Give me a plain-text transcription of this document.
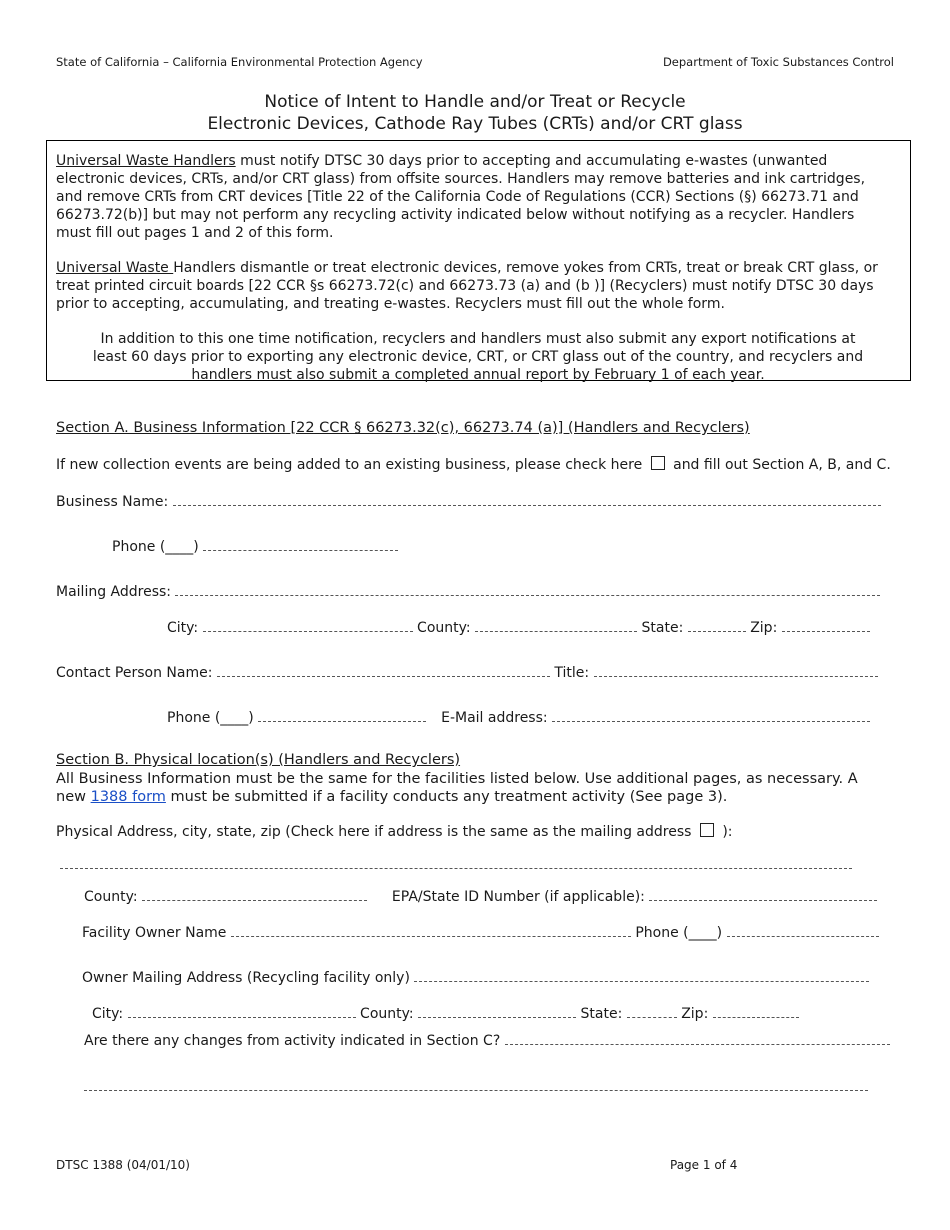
State of California – California Environmental Protection Agency	Department of Toxic Substances Control
Notice of Intent to Handle and/or Treat or Recycle
Electronic Devices, Cathode Ray Tubes (CRTs) and/or CRT glass

Universal Waste Handlers must notify DTSC 30 days prior to accepting and accumulating e-wastes (unwanted electronic devices, CRTs, and/or CRT glass) from offsite sources. Handlers may remove batteries and ink cartridges, and remove CRTs from CRT devices [Title 22 of the California Code of Regulations (CCR) Sections (§) 66273.71 and 66273.72(b)] but may not perform any recycling activity indicated below without notifying as a recycler. Handlers must fill out pages 1 and 2 of this form.

Universal Waste Handlers dismantle or treat electronic devices, remove yokes from CRTs, treat or break CRT glass, or treat printed circuit boards [22 CCR §s 66273.72(c) and 66273.73 (a) and (b )] (Recyclers) must notify DTSC 30 days prior to accepting, accumulating, and treating e-wastes. Recyclers must fill out the whole form.

In addition to this one time notification, recyclers and handlers must also submit any export notifications at least 60 days prior to exporting any electronic device, CRT, or CRT glass out of the country, and recyclers and handlers must also submit a completed annual report by February 1 of each year.

Section A. Business Information [22 CCR § 66273.32(c), 66273.74 (a)] (Handlers and Recyclers)
If new collection events are being added to an existing business, please check here and fill out Section A, B, and C.
Business Name:
Phone (____)
Mailing Address:
City:	County:	State:	Zip:
Contact Person Name:	Title:
Phone (____)	E-Mail address:
Section B. Physical location(s) (Handlers and Recyclers)
All Business Information must be the same for the facilities listed below. Use additional pages, as necessary. A new 1388 form must be submitted if a facility conducts any treatment activity (See page 3).
Physical Address, city, state, zip (Check here if address is the same as the mailing address ):
County:	EPA/State ID Number (if applicable):
Facility Owner Name	Phone (____)
Owner Mailing Address (Recycling facility only)
City:	County:	State:	Zip:
Are there any changes from activity indicated in Section C?
DTSC 1388 (04/01/10)	Page 1 of 4
